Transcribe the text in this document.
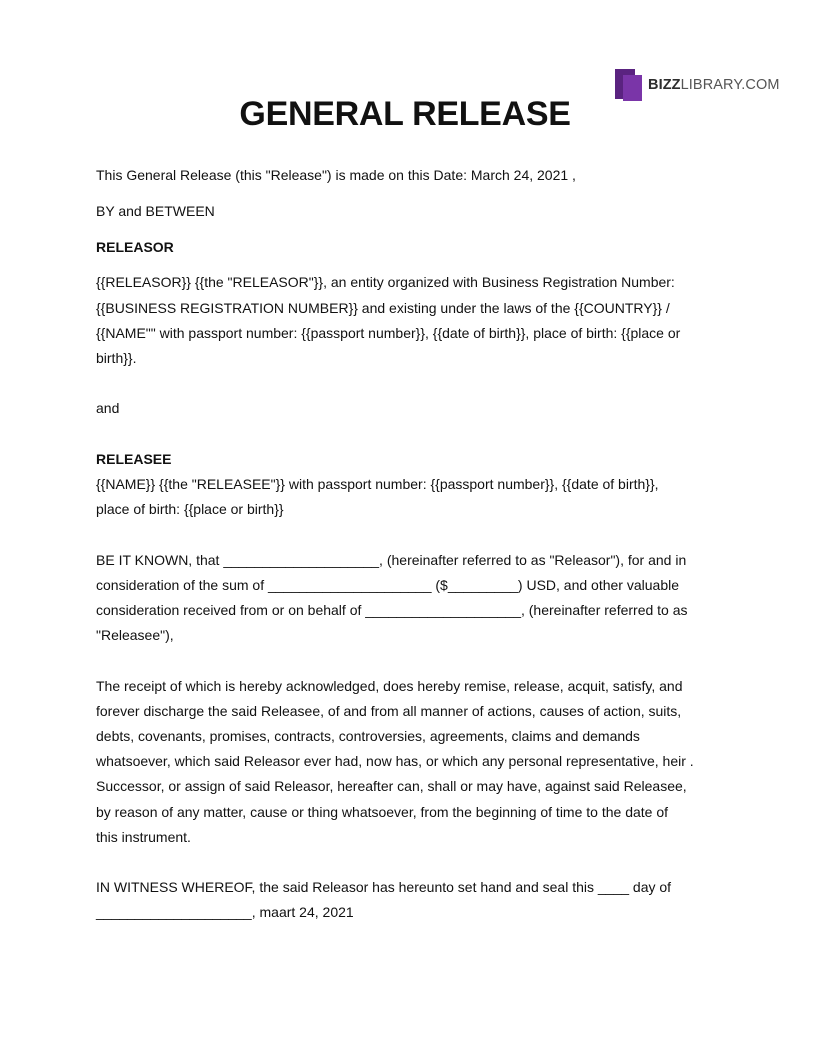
BIZZLIBRARY.COM
GENERAL RELEASE

This General Release (this "Release") is made on this Date: March 24, 2021 ,

BY and BETWEEN

RELEASOR

{{RELEASOR}} {{the "RELEASOR"}}, an entity organized with Business Registration Number:

{{BUSINESS REGISTRATION NUMBER}} and existing under the laws of the {{COUNTRY}} /

{{NAME"" with passport number: {{passport number}}, {{date of birth}}, place of birth: {{place or

birth}}.

and

RELEASEE

{{NAME}} {{the "RELEASEE"}} with passport number: {{passport number}}, {{date of birth}},

place of birth: {{place or birth}}

BE IT KNOWN, that ____________________, (hereinafter referred to as "Releasor"), for and in

consideration of the sum of _____________________ ($_________) USD, and other valuable

consideration received from or on behalf of ____________________, (hereinafter referred to as

"Releasee"),

The receipt of which is hereby acknowledged, does hereby remise, release, acquit, satisfy, and

forever discharge the said Releasee, of and from all manner of actions, causes of action, suits,

debts, covenants, promises, contracts, controversies, agreements, claims and demands

whatsoever, which said Releasor ever had, now has, or which any personal representative, heir .

Successor, or assign of said Releasor, hereafter can, shall or may have, against said Releasee,

by reason of any matter, cause or thing whatsoever, from the beginning of time to the date of

this instrument.

IN WITNESS WHEREOF, the said Releasor has hereunto set hand and seal this ____ day of

____________________, maart 24, 2021
